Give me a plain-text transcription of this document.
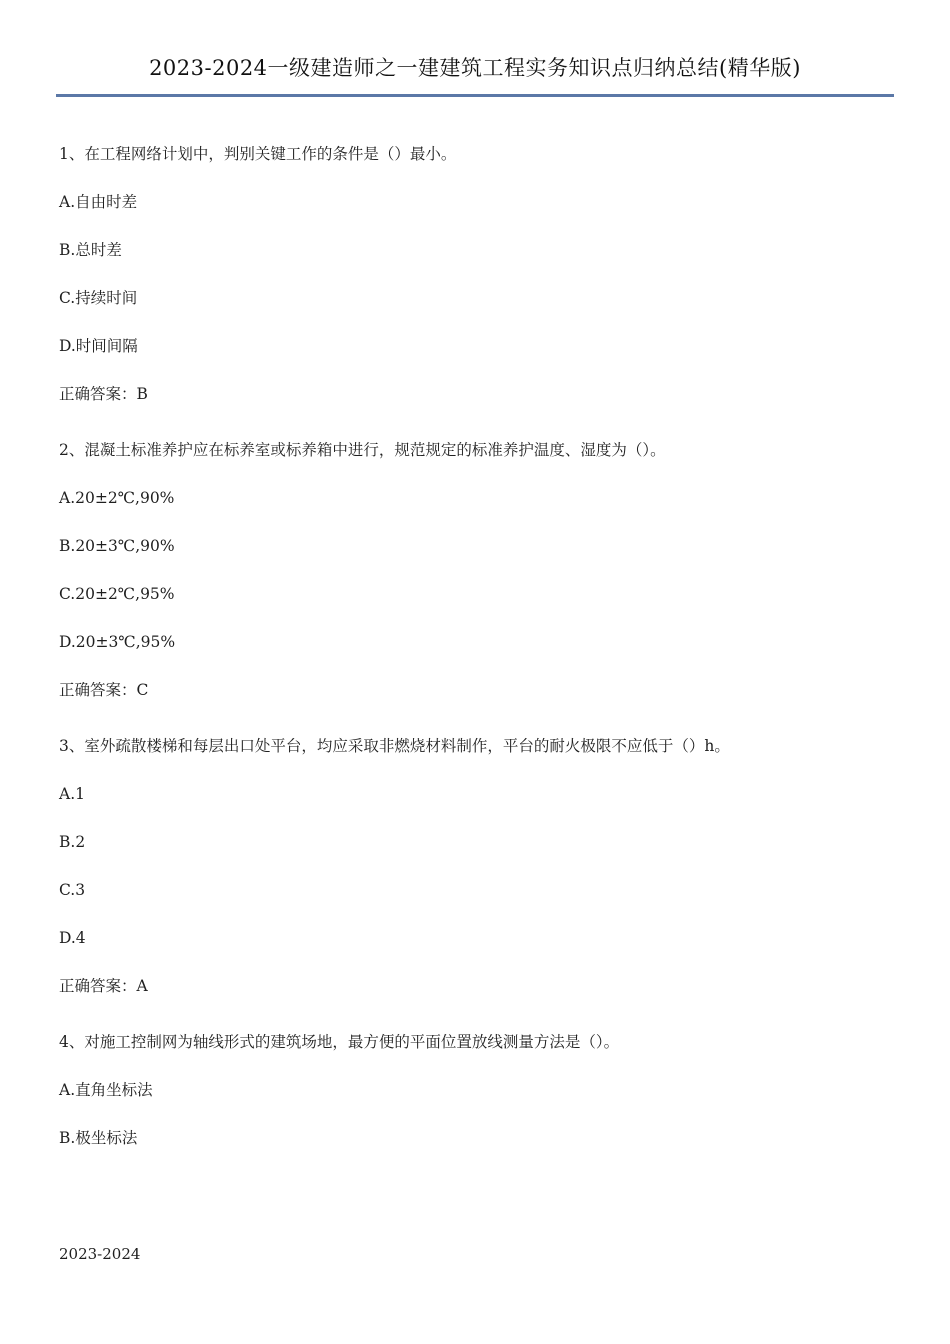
2023-2024一级建造师之一建建筑工程实务知识点归纳总结(精华版)
1、在工程网络计划中，判别关键工作的条件是（）最小。
A.自由时差
B.总时差
C.持续时间
D.时间间隔
正确答案：B
2、混凝土标准养护应在标养室或标养箱中进行，规范规定的标准养护温度、湿度为（）。
A.20±2℃,90%
B.20±3℃,90%
C.20±2℃,95%
D.20±3℃,95%
正确答案：C
3、室外疏散楼梯和每层出口处平台，均应采取非燃烧材料制作，平台的耐火极限不应低于（）h。
A.1
B.2
C.3
D.4
正确答案：A
4、对施工控制网为轴线形式的建筑场地，最方便的平面位置放线测量方法是（）。
A.直角坐标法
B.极坐标法
2023-2024
